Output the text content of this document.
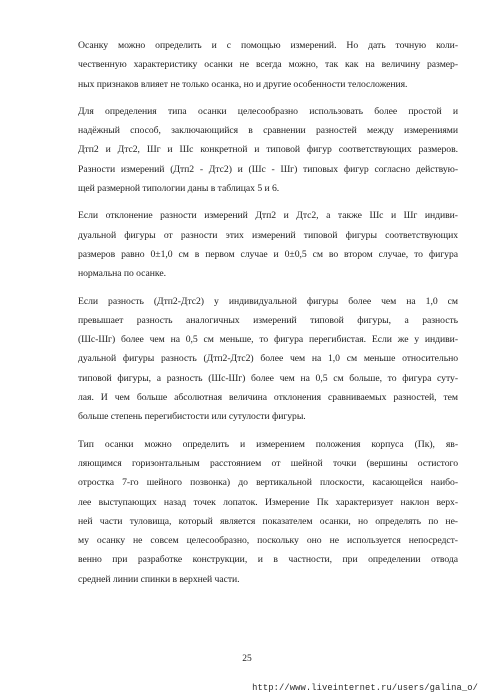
Осанку можно определить и с помощью измерений. Но дать точную коли-
чественную характеристику осанки не всегда можно, так как на величину размер-
ных признаков влияет не только осанка, но и другие особенности телосложения.
Для определения типа осанки целесообразно использовать более простой и
надёжный способ, заключающийся в сравнении разностей между измерениями
Дтп2 и Дтс2, Шг и Шс конкретной и типовой фигур соответствующих размеров.
Разности измерений (Дтп2 - Дтс2) и (Шс - Шг) типовых фигур согласно действую-
щей размерной типологии даны в таблицах 5 и 6.
Если отклонение разности измерений Дтп2 и Дтс2, а также Шс и Шг индиви-
дуальной фигуры от разности этих измерений типовой фигуры соответствующих
размеров равно 0±1,0 см в первом случае и 0±0,5 см во втором случае, то фигура
нормальна по осанке.
Если разность (Дтп2-Дтс2) у индивидуальной фигуры более чем на 1,0 см
превышает разность аналогичных измерений типовой фигуры, а разность
(Шс-Шг) более чем на 0,5 см меньше, то фигура перегибистая. Если же у индиви-
дуальной фигуры разность (Дтп2-Дтс2) более чем на 1,0 см меньше относительно
типовой фигуры, а разность (Шс-Шг) более чем на 0,5 см больше, то фигура суту-
лая. И чем больше абсолютная величина отклонения сравниваемых разностей, тем
больше степень перегибистости или сутулости фигуры.
Тип осанки можно определить и измерением положения корпуса (Пк), яв-
ляющимся горизонтальным расстоянием от шейной точки (вершины остистого
отростка 7-го шейного позвонка) до вертикальной плоскости, касающейся наибо-
лее выступающих назад точек лопаток. Измерение Пк характеризует наклон верх-
ней части туловища, который является показателем осанки, но определять по не-
му осанку не совсем целесообразно, поскольку оно не используется непосредст-
венно при разработке конструкции, и в частности, при определении отвода
средней линии спинки в верхней части.
25
http://www.liveinternet.ru/users/galina_o/
